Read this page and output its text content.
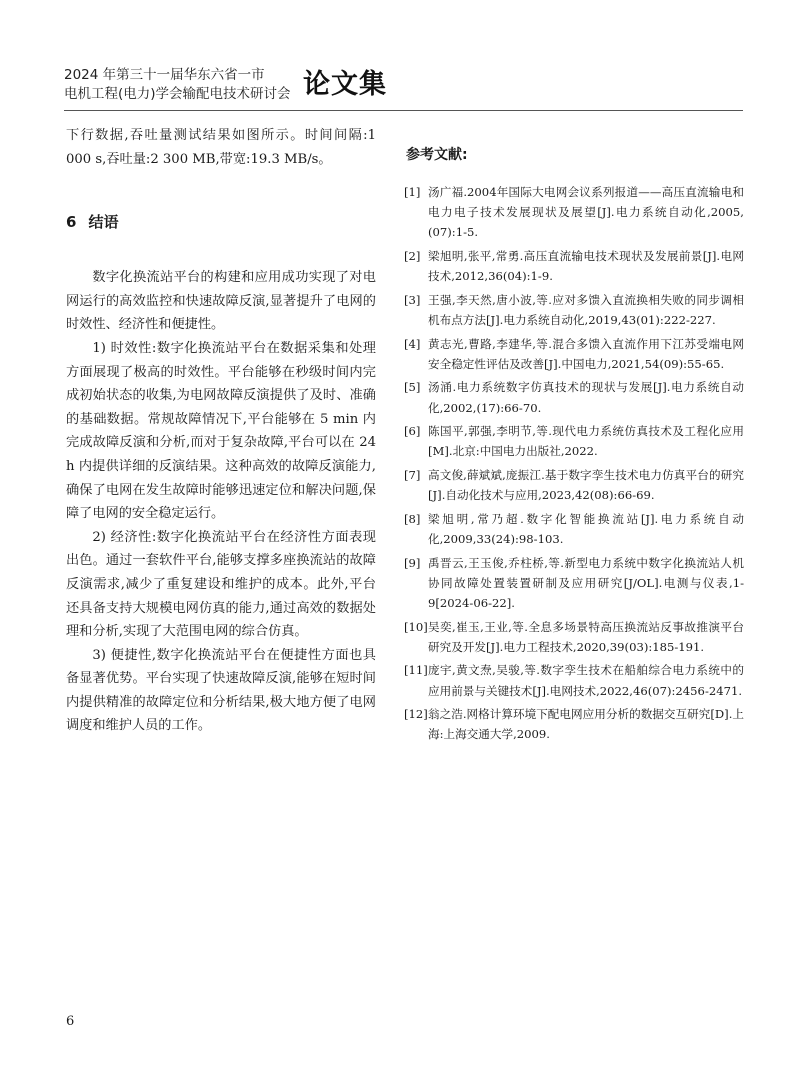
2024 年第三十一届华东六省一市
电机工程(电力)学会输配电技术研讨会 论文集

下行数据,吞吐量测试结果如图所示。时间间隔:1 000 s,吞吐量:2 300 MB,带宽:19.3 MB/s。

6 结语

数字化换流站平台的构建和应用成功实现了对电网运行的高效监控和快速故障反演,显著提升了电网的时效性、经济性和便捷性。

1) 时效性:数字化换流站平台在数据采集和处理方面展现了极高的时效性。平台能够在秒级时间内完成初始状态的收集,为电网故障反演提供了及时、准确的基础数据。常规故障情况下,平台能够在 5 min 内完成故障反演和分析,而对于复杂故障,平台可以在 24 h 内提供详细的反演结果。这种高效的故障反演能力,确保了电网在发生故障时能够迅速定位和解决问题,保障了电网的安全稳定运行。

2) 经济性:数字化换流站平台在经济性方面表现出色。通过一套软件平台,能够支撑多座换流站的故障反演需求,减少了重复建设和维护的成本。此外,平台还具备支持大规模电网仿真的能力,通过高效的数据处理和分析,实现了大范围电网的综合仿真。

3) 便捷性,数字化换流站平台在便捷性方面也具备显著优势。平台实现了快速故障反演,能够在短时间内提供精准的故障定位和分析结果,极大地方便了电网调度和维护人员的工作。

参考文献:
[1] 汤广福.2004年国际大电网会议系列报道——高压直流输电和电力电子技术发展现状及展望[J].电力系统自动化,2005,(07):1-5.
[2] 梁旭明,张平,常勇.高压直流输电技术现状及发展前景[J].电网技术,2012,36(04):1-9.
[3] 王强,李天然,唐小波,等.应对多馈入直流换相失败的同步调相机布点方法[J].电力系统自动化,2019,43(01):222-227.
[4] 黄志光,曹路,李建华,等.混合多馈入直流作用下江苏受端电网安全稳定性评估及改善[J].中国电力,2021,54(09):55-65.
[5] 汤涌.电力系统数字仿真技术的现状与发展[J].电力系统自动化,2002,(17):66-70.
[6] 陈国平,郭强,李明节,等.现代电力系统仿真技术及工程化应用[M].北京:中国电力出版社,2022.
[7] 高文俊,薛斌斌,庞振江.基于数字孪生技术电力仿真平台的研究[J].自动化技术与应用,2023,42(08):66-69.
[8] 梁旭明,常乃超.数字化智能换流站[J].电力系统自动化,2009,33(24):98-103.
[9] 禹晋云,王玉俊,乔柱桥,等.新型电力系统中数字化换流站人机协同故障处置装置研制及应用研究[J/OL].电测与仪表,1-9[2024-06-22].
[10] 吴奕,崔玉,王业,等.全息多场景特高压换流站反事故推演平台研究及开发[J].电力工程技术,2020,39(03):185-191.
[11] 庞宇,黄文焘,吴骏,等.数字孪生技术在船舶综合电力系统中的应用前景与关键技术[J].电网技术,2022,46(07):2456-2471.
[12] 翁之浩.网格计算环境下配电网应用分析的数据交互研究[D].上海:上海交通大学,2009.
6
